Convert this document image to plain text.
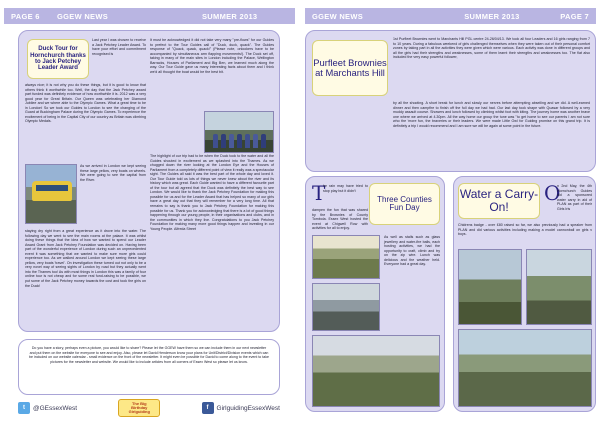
PAGE 6	GGEW NEWS	SUMMER 2013
Duck Tour for Hornchurch thanks to Jack Petchey Leader Award
Last year I was chosen to receive a Jack Petchey Leader Award. To have your effort and commitment recognised is
always nice; it is not why you do these things, but it is good to know that others think it worthwhile too. Well, the day that the Jack Petchey award part funded was definitely evidence of how worthwhile it is. 2012 was a very good year for Great Britain. Our Queen was celebrating her Diamond Jubilee and we where able to the Olympic Games. What a great time to be in London! So we took our Guides to London to see the changing of the Guard at Buckingham Palace during the Olympic Games. To experience the excitement of being in the Capital City of our country as Britain was climbing Olympic Medals.
As we arrived in London we kept seeing these large yellow, very boats on wheels. We were going to see the capital from the River.
staying dry right from a great experience as it drove into the water. The following day we went to see the main rooms at the palace. It was whilst doing these things that the idea of how we wanted to spend our Leader Award Grant from Jack Petchey Foundation was decided on. Having been part of the wonderful experience of London during such an unprecedented event it was something that we wanted to make sure more girls could experience too. As we walked around London we kept seeing these large yellow, very boats 'travel'. On investigation these turned out not only to be a very novel way of seeing sights of London by road but they actually went into the Thames too! As with most things in London this was a family of four online tour is not cheap and for some real fund-raising to be possible, we put some of the Jack Petchey money towards the cost and took the girls on the Duck!
It must be acknowledged it did not take very many "pre-flows" for our Guides to prefect to the Tour Guides call of "Duck, duck, quack". The Guides response of "Quack, quack, quack!" (Please note, onlookers have to be accompanied by simultaneous arm flapping movements!). The Duck set off, taking in many of the main sites in London including the Palace, Wellington Barracks, Houses of Parliament and Big Ben, we learned much along the way. Our Tour Guide gave us many interesting facts about them and I think we'd all thought the boat would be the best bit.
The highlight of our trip had to be when the Duck took to the water and all the Guides shouted in excitement as we splashed into the Thames. As we chugged down the river looking at the London Eye and the Houses of Parliament from a completely different point of view it really was a spectacular sight. The Guides all said it was the best part of the whole day and loved it. Our Tour Guide told us lots of things we never knew about the river and its history which was great. Each Guide wanted to have a different favourite part of the tour but all agreed that the Duck was definitely the best way to see London. We would like to thank the Jack Petchey Foundation for making this possible for us and for the Leader Award that has helped so many of our girls have a great day out that they will remember for a very long time. All that remains to say is thank you to Jack Petchey Foundation for making this possible for us. Thank you for acknowledging that there is a lot of good things happening through our young people, in their organisations and clubs, and in the communities in which they live. Congratulations to you Jack Petchey Foundation for making many more good things happen and investing in our Young People. Alfreda Street
Do you have a story, perhaps even a picture, you would like to share? Please let the GGEW have them so we can include them in our next newsletter and put them on the website for everyone to see and enjoy. Also, please let David Henderson know your plans for Unit/District/Division events which can be included on our website calendar - small evidence on the front of the newsletter. It might even be possible for David to come along to the event to take pictures for the newsletter and website. We would like to include articles from all corners of Essex West so please let us know.
t	@GEssexWest
The Big
Birthday
Girlguiding
f	GirlguidingEssexWest
GGEW NEWS	SUMMER 2013	PAGE 7
Purfleet Brownies at Marchants Hill
1st Purfleet Brownies went to Marchants Hill PGL centre 24-26/04/13. We took all four Leaders and 16 girls ranging from 7 to 10 years. During a fabulous weekend of girls challenged themselves when they were taken out of their personal comfort zones by taking part in all the activities they were given which were various. Each activity was done in different groups and all the girls had their strengths and weaknesses, some of them learnt their strengths and weaknesses too. The flat also included the very easy powerful follower,
by all the shooting. A short break for lunch and slowly our nerves before attempting abseiling and we did. A well-earned dinner and then campfire to finish off the full day we had had. Our last day took shape with Quasar followed by a very muddy assault course. Showers and lunch followed by climbing whilst foot with kiting. The journey home was another brave one where we arrived at 4.30pm. All the way home our group the tune was ''to get home to see our parents I am not sure who the 'more fun, the braveries or their leaders. We were made Little Owl for Guiding promise on this grand trip. It is definitely a trip I would recommend and I am sure we will be again at some point in the future.
T
he rain may have tried to stop play but it didn't
Three Counties Fun Day
dampen the fun that was shared by the Brownies of County Tombola. Essex West hosted the event at Chigwell Row with activities for all to enjoy.
As well as stalls such as glass jewellery and water-fire balls, each hosting activities, we had the opportunity to craft, climb and try on the zip wire. Lunch was delicious and the weather held. Everyone had a great day.
Water a Carry-On!
O
n 2nd May, the 4th Hornchurch Guides did a sponsored water carry in aid of PLAN as part of their Girls Iris
Chidrens badge - over £80 raised so far, we also previously had a speaker from PLAN and did various activities including making a model cannonball on girls v boys.
